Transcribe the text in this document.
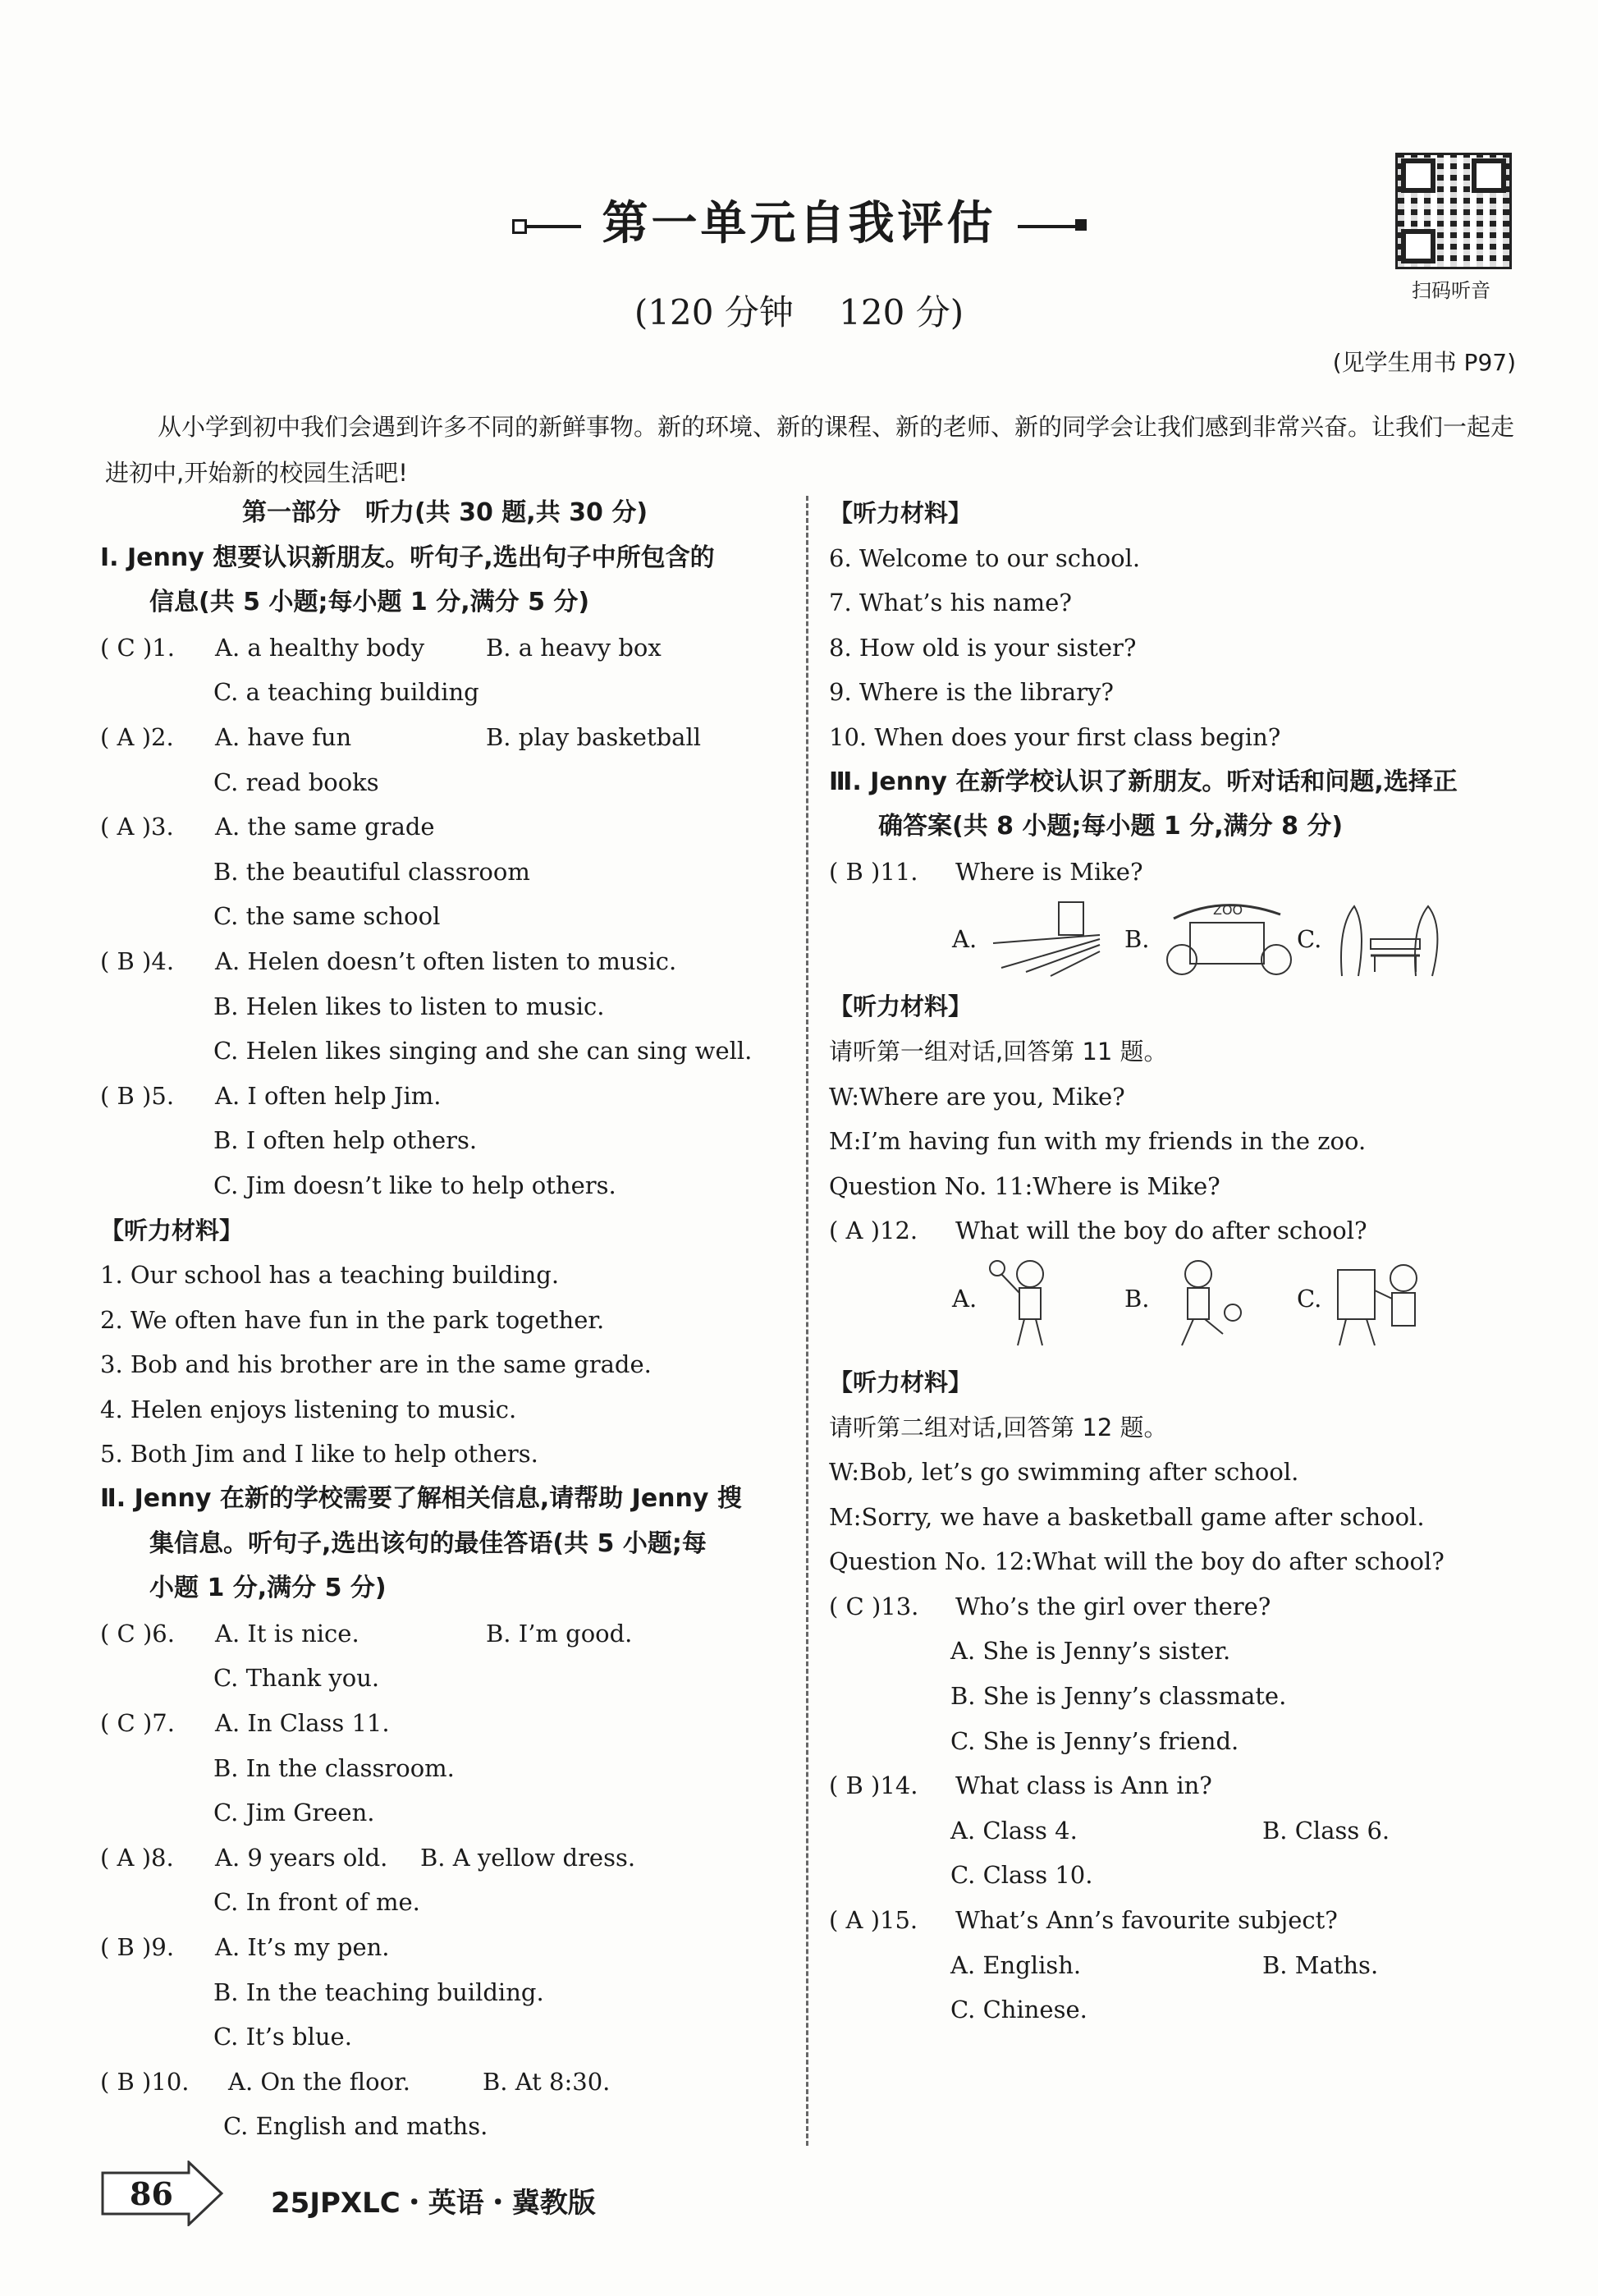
第一单元自我评估
(120 分钟　 120 分)
扫码听音
(见学生用书 P97)
从小学到初中我们会遇到许多不同的新鲜事物。新的环境、新的课程、新的老师、新的同学会让我们感到非常兴奋。让我们一起走进初中,开始新的校园生活吧!
第一部分　听力(共 30 题,共 30 分)
Ⅰ. Jenny 想要认识新朋友。听句子,选出句子中所包含的
信息(共 5 小题;每小题 1 分,满分 5 分)
( C )1. A. a healthy body	B. a heavy box
C. a teaching building
( A )2. A. have fun	B. play basketball
C. read books
( A )3. A. the same grade
B. the beautiful classroom
C. the same school
( B )4. A. Helen doesn’t often listen to music.
B. Helen likes to listen to music.
C. Helen likes singing and she can sing well.
( B )5. A. I often help Jim.
B. I often help others.
C. Jim doesn’t like to help others.
【听力材料】
1. Our school has a teaching building.
2. We often have fun in the park together.
3. Bob and his brother are in the same grade.
4. Helen enjoys listening to music.
5. Both Jim and I like to help others.
Ⅱ. Jenny 在新的学校需要了解相关信息,请帮助 Jenny 搜
集信息。听句子,选出该句的最佳答语(共 5 小题;每
小题 1 分,满分 5 分)
( C )6. A. It is nice.	B. I’m good.
C. Thank you.
( C )7. A. In Class 11.
B. In the classroom.
C. Jim Green.
( A )8. A. 9 years old. B. A yellow dress.
C. In front of me.
( B )9. A. It’s my pen.
B. In the teaching building.
C. It’s blue.
( B )10. A. On the floor.	B. At 8:30.
C. English and maths.
【听力材料】
6. Welcome to our school.
7. What’s his name?
8. How old is your sister?
9. Where is the library?
10. When does your first class begin?
Ⅲ. Jenny 在新学校认识了新朋友。听对话和问题,选择正
确答案(共 8 小题;每小题 1 分,满分 8 分)
( B )11. Where is Mike?
A.	B.
ZOO
C.
【听力材料】
请听第一组对话,回答第 11 题。
W:Where are you, Mike?
M:I’m having fun with my friends in the zoo.
Question No. 11:Where is Mike?
( A )12. What will the boy do after school?
A.	B.	C.
【听力材料】
请听第二组对话,回答第 12 题。
W:Bob, let’s go swimming after school.
M:Sorry, we have a basketball game after school.
Question No. 12:What will the boy do after school?
( C )13. Who’s the girl over there?
A. She is Jenny’s sister.
B. She is Jenny’s classmate.
C. She is Jenny’s friend.
( B )14. What class is Ann in?
A. Class 4.	B. Class 6.
C. Class 10.
( A )15. What’s Ann’s favourite subject?
A. English.	B. Maths.
C. Chinese.
86	25JPXLC・英语・冀教版
